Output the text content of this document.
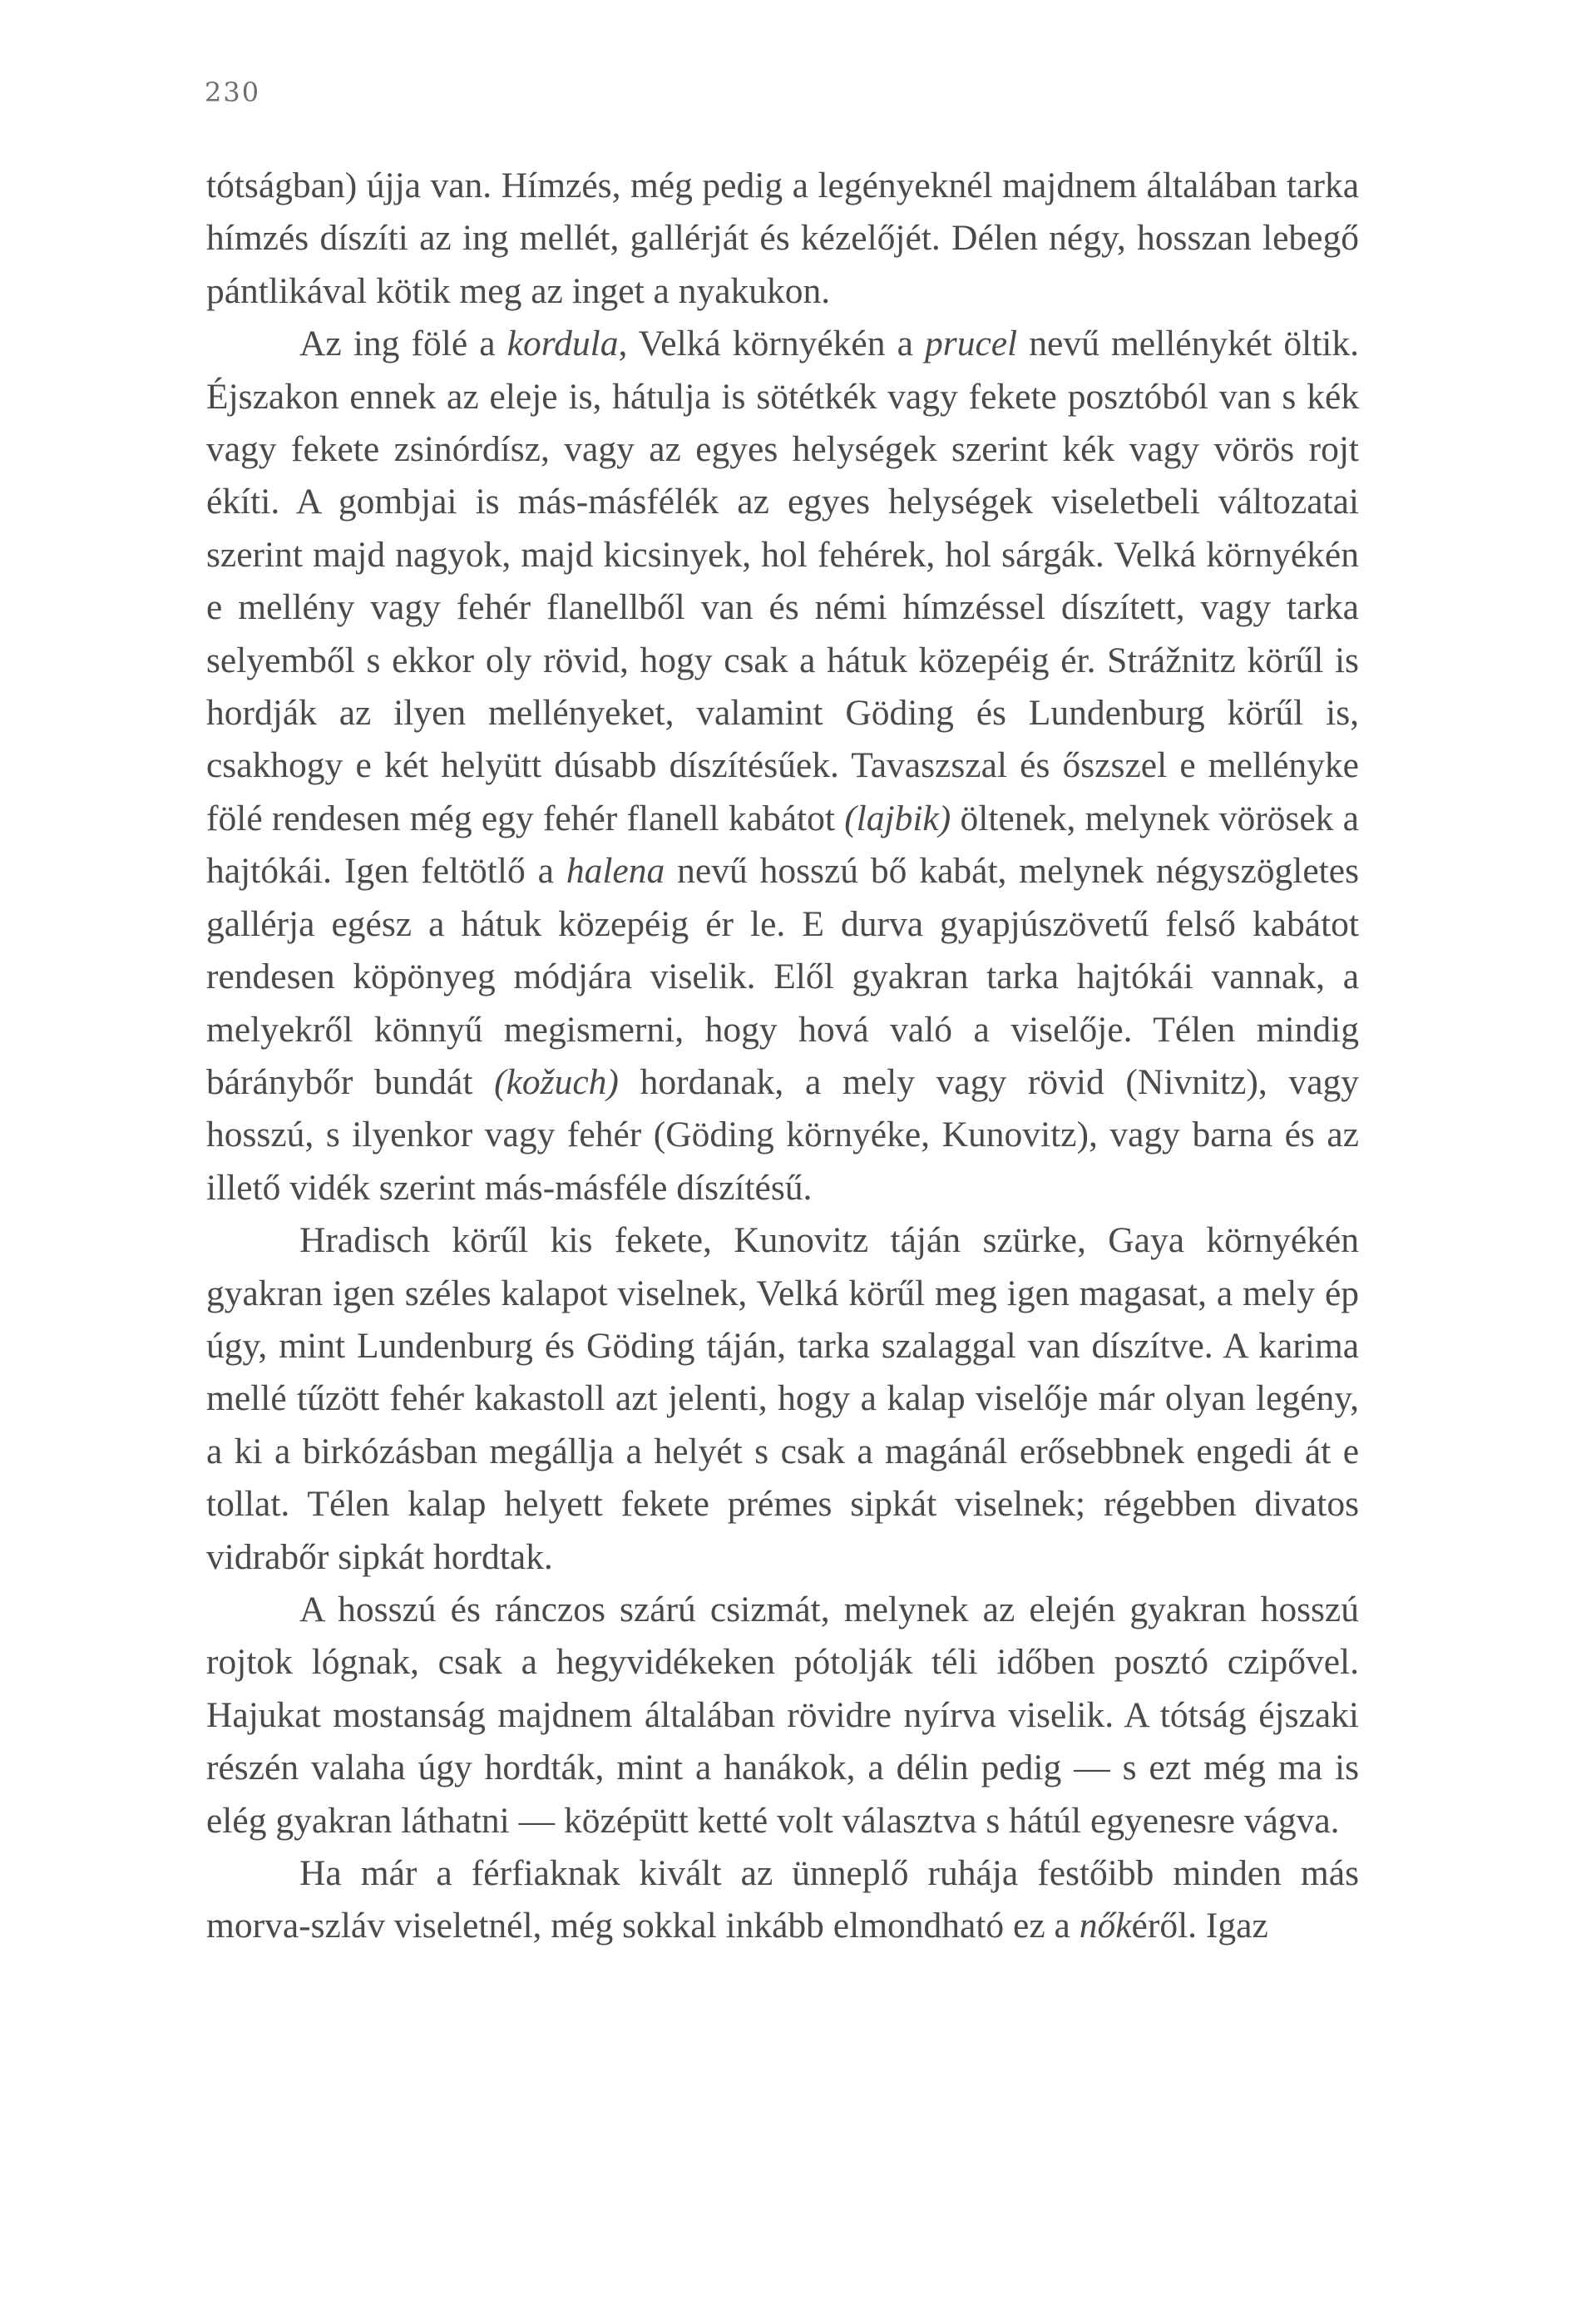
230

tótságban) újja van. Hímzés, még pedig a legényeknél majdnem általában tarka hímzés díszíti az ing mellét, gallérját és kézelőjét. Délen négy, hosszan lebegő pántlikával kötik meg az inget a nyakukon.

Az ing fölé a kordula, Velká környékén a prucel nevű mellénykét öltik. Éjszakon ennek az eleje is, hátulja is sötétkék vagy fekete posztóból van s kék vagy fekete zsinórdísz, vagy az egyes helységek szerint kék vagy vörös rojt ékíti. A gombjai is más-másfélék az egyes helységek viseletbeli változatai szerint majd nagyok, majd kicsinyek, hol fehérek, hol sárgák. Velká környékén e mellény vagy fehér flanellből van és némi hímzéssel díszített, vagy tarka selyemből s ekkor oly rövid, hogy csak a hátuk közepéig ér. Strážnitz körűl is hordják az ilyen mellényeket, valamint Göding és Lundenburg körűl is, csakhogy e két helyütt dúsabb díszítésűek. Tavaszszal és őszszel e mellényke fölé rendesen még egy fehér flanell kabátot (lajbik) öltenek, melynek vörösek a hajtókái. Igen feltötlő a halena nevű hosszú bő kabát, melynek négyszögletes gallérja egész a hátuk közepéig ér le. E durva gyapjúszövetű felső kabátot rendesen köpönyeg módjára viselik. Elől gyakran tarka hajtókái vannak, a melyekről könnyű megismerni, hogy hová való a viselője. Télen mindig báránybőr bundát (kožuch) hordanak, a mely vagy rövid (Nivnitz), vagy hosszú, s ilyenkor vagy fehér (Göding környéke, Kunovitz), vagy barna és az illető vidék szerint más-másféle díszítésű.

Hradisch körűl kis fekete, Kunovitz táján szürke, Gaya környékén gyakran igen széles kalapot viselnek, Velká körűl meg igen magasat, a mely ép úgy, mint Lundenburg és Göding táján, tarka szalaggal van díszítve. A karima mellé tűzött fehér kakastoll azt jelenti, hogy a kalap viselője már olyan legény, a ki a birkózásban megállja a helyét s csak a magánál erősebbnek engedi át e tollat. Télen kalap helyett fekete prémes sipkát viselnek; régebben divatos vidrabőr sipkát hordtak.

A hosszú és ránczos szárú csizmát, melynek az elején gyakran hosszú rojtok lógnak, csak a hegyvidékeken pótolják téli időben posztó czipővel. Hajukat mostanság majdnem általában rövidre nyírva viselik. A tótság éjszaki részén valaha úgy hordták, mint a hanákok, a délin pedig — s ezt még ma is elég gyakran láthatni — középütt ketté volt választva s hátúl egyenesre vágva.

Ha már a férfiaknak kivált az ünneplő ruhája festőibb minden más morva-szláv viseletnél, még sokkal inkább elmondható ez a nőkéről. Igaz
